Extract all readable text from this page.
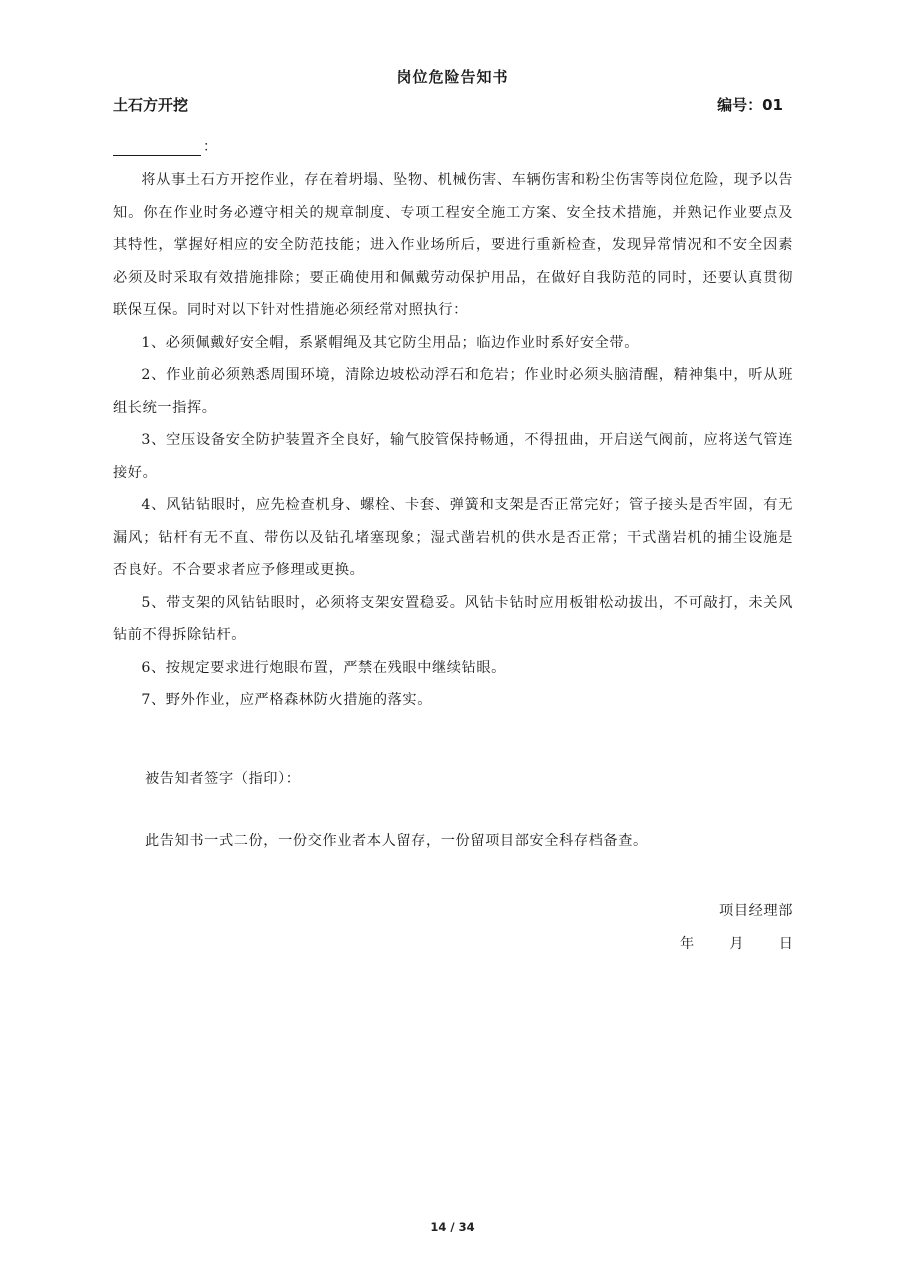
岗位危险告知书
土石方开挖	编号：01
：

将从事土石方开挖作业，存在着坍塌、坠物、机械伤害、车辆伤害和粉尘伤害等岗位危险，现予以告知。你在作业时务必遵守相关的规章制度、专项工程安全施工方案、安全技术措施，并熟记作业要点及其特性，掌握好相应的安全防范技能；进入作业场所后，要进行重新检查，发现异常情况和不安全因素必须及时采取有效措施排除；要正确使用和佩戴劳动保护用品，在做好自我防范的同时，还要认真贯彻联保互保。同时对以下针对性措施必须经常对照执行：

1、必须佩戴好安全帽，系紧帽绳及其它防尘用品；临边作业时系好安全带。

2、作业前必须熟悉周围环境，清除边坡松动浮石和危岩；作业时必须头脑清醒，精神集中，听从班组长统一指挥。

3、空压设备安全防护装置齐全良好，输气胶管保持畅通，不得扭曲，开启送气阀前，应将送气管连接好。

4、风钻钻眼时，应先检查机身、螺栓、卡套、弹簧和支架是否正常完好；管子接头是否牢固，有无漏风；钻杆有无不直、带伤以及钻孔堵塞现象；湿式凿岩机的供水是否正常；干式凿岩机的捕尘设施是否良好。不合要求者应予修理或更换。

5、带支架的风钻钻眼时，必须将支架安置稳妥。风钻卡钻时应用板钳松动拔出，不可敲打，未关风钻前不得拆除钻杆。

6、按规定要求进行炮眼布置，严禁在残眼中继续钻眼。

7、野外作业，应严格森林防火措施的落实。

被告知者签字（指印）：
此告知书一式二份，一份交作业者本人留存，一份留项目部安全科存档备查。
项目经理部
年 月 日
14 / 34
